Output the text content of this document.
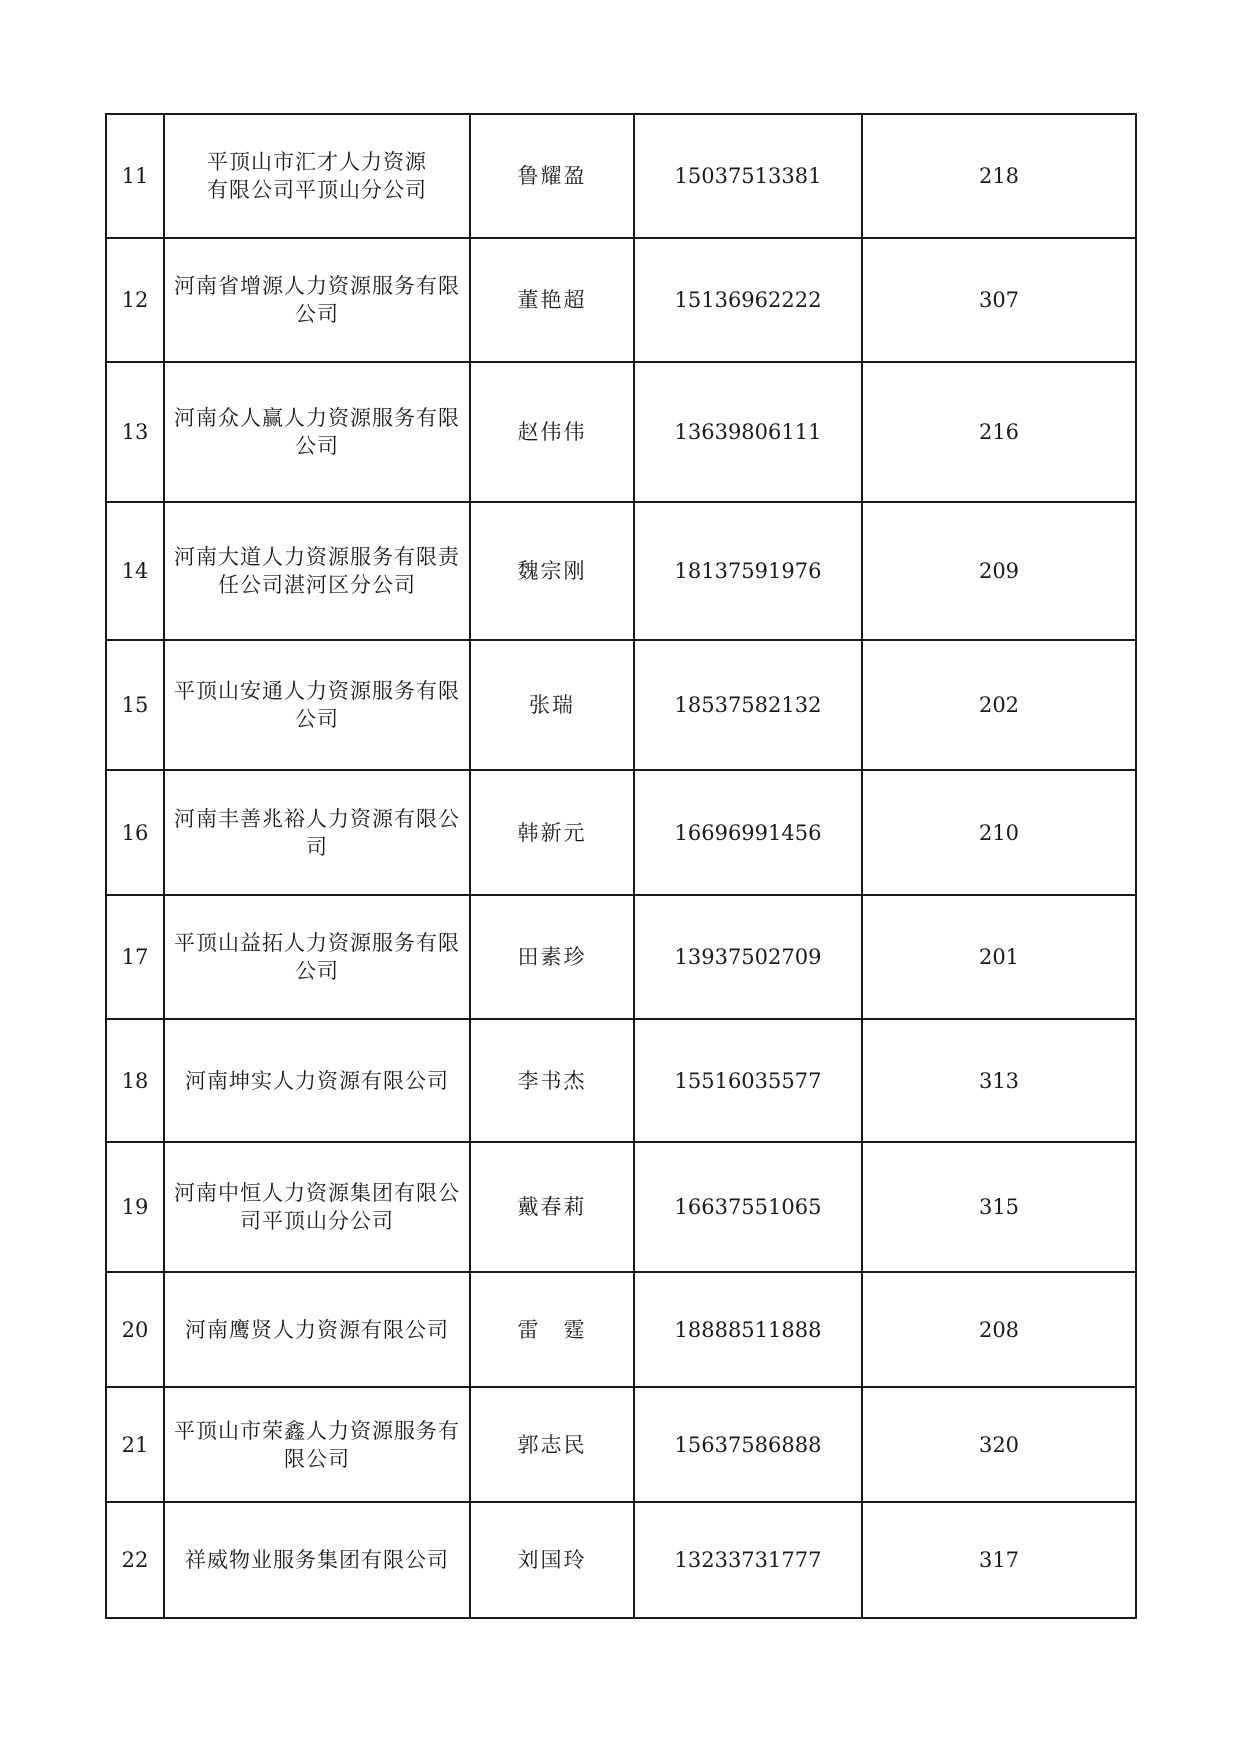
11	平顶山市汇才人力资源
有限公司平顶山分公司	鲁耀盈	15037513381	218
12	河南省增源人力资源服务有限
公司	董艳超	15136962222	307
13	河南众人赢人力资源服务有限
公司	赵伟伟	13639806111	216
14	河南大道人力资源服务有限责
任公司湛河区分公司	魏宗刚	18137591976	209
15	平顶山安通人力资源服务有限
公司	张瑞	18537582132	202
16	河南丰善兆裕人力资源有限公
司	韩新元	16696991456	210
17	平顶山益拓人力资源服务有限
公司	田素珍	13937502709	201
18	河南坤实人力资源有限公司	李书杰	15516035577	313
19	河南中恒人力资源集团有限公
司平顶山分公司	戴春莉	16637551065	315
20	河南鹰贤人力资源有限公司	雷　霆	18888511888	208
21	平顶山市荣鑫人力资源服务有
限公司	郭志民	15637586888	320
22	祥威物业服务集团有限公司	刘国玲	13233731777	317
